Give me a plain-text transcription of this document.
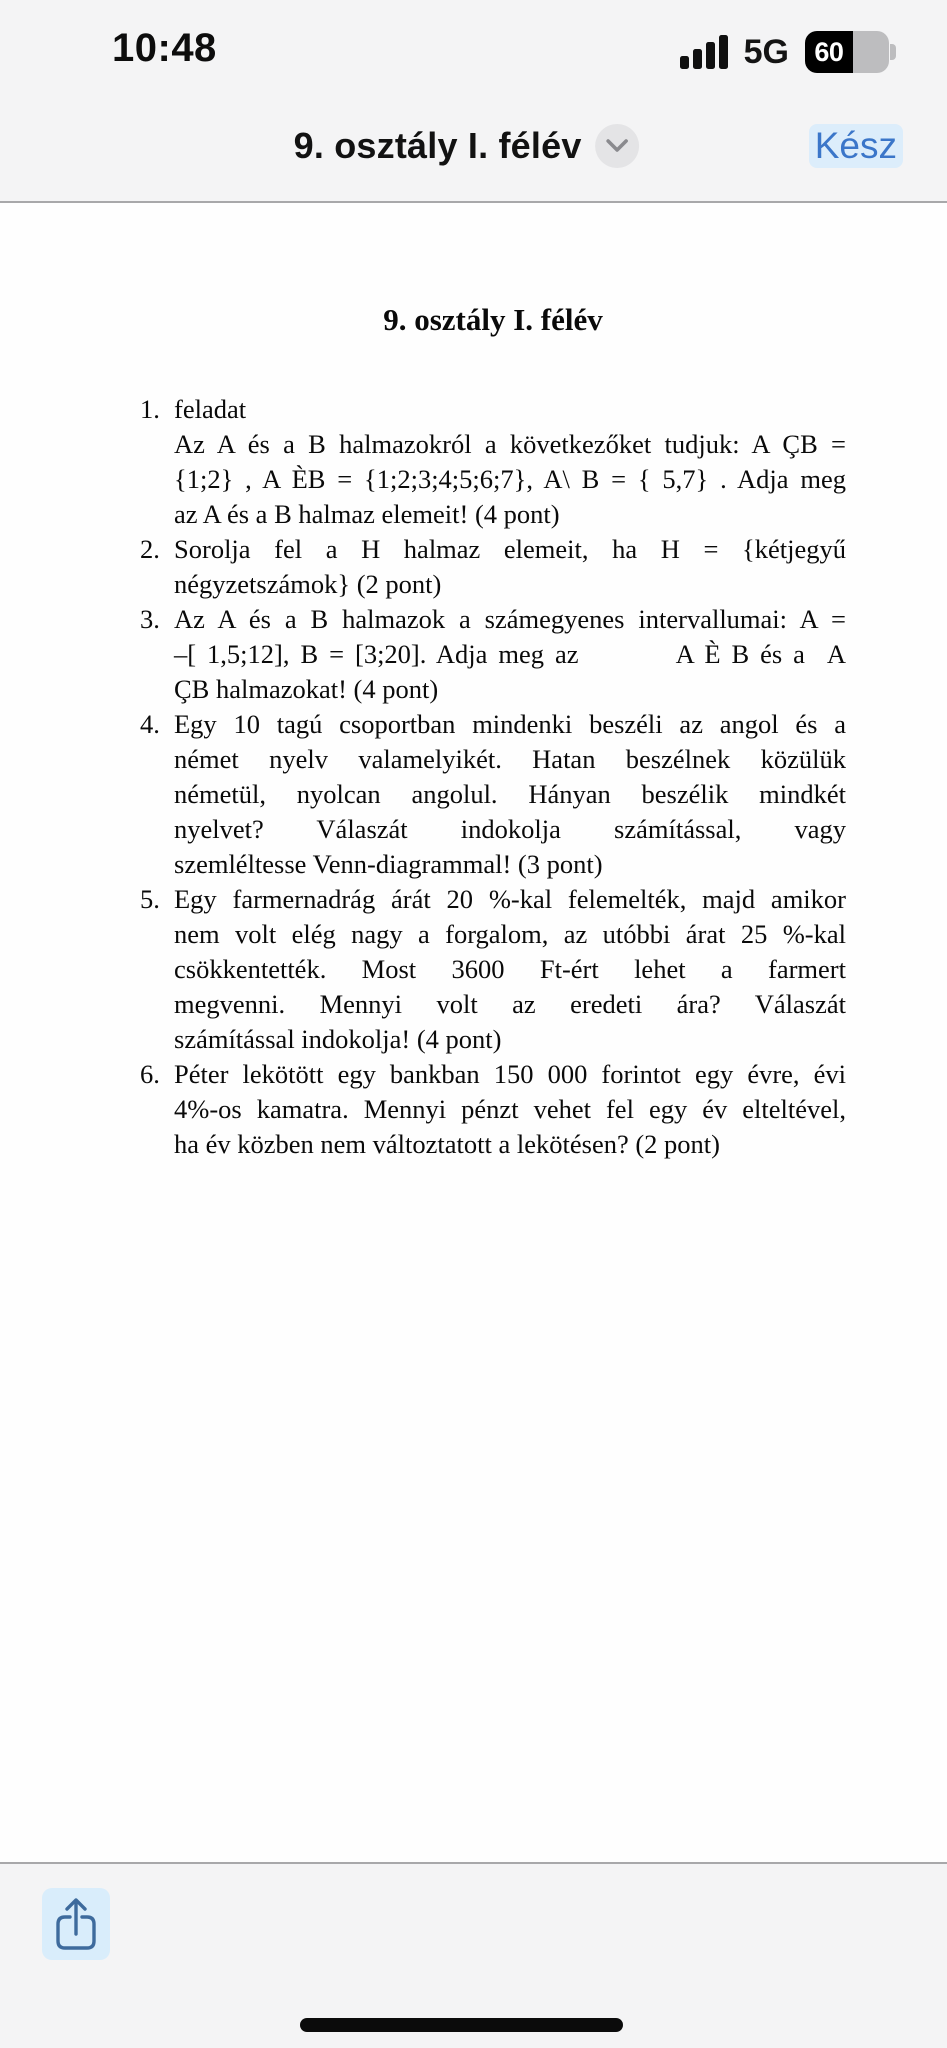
10:48	5G 60
9. osztály I. félév	Kész
9. osztály I. félév
1. feladat
Az A és a B halmazokról a következőket tudjuk: A ÇB =
{1;2} , A ÈB = {1;2;3;4;5;6;7}, A\ B = { 5,7} . Adja meg
az A és a B halmaz elemeit! (4 pont)
2. Sorolja fel a H halmaz elemeit, ha H = {kétjegyű
négyzetszámok} (2 pont)
3. Az A és a B halmazok a számegyenes intervallumai: A =
–[ 1,5;12], B = [3;20]. Adja meg az         A È B és a  A
ÇB halmazokat! (4 pont)
4. Egy 10 tagú csoportban mindenki beszéli az angol és a
német nyelv valamelyikét. Hatan beszélnek közülük
németül, nyolcan angolul. Hányan beszélik mindkét
nyelvet? Válaszát indokolja számítással, vagy
szemléltesse Venn-diagrammal! (3 pont)
5. Egy farmernadrág árát 20 %-kal felemelték, majd amikor
nem volt elég nagy a forgalom, az utóbbi árat 25 %-kal
csökkentették. Most 3600 Ft-ért lehet a farmert
megvenni. Mennyi volt az eredeti ára? Válaszát
számítással indokolja! (4 pont)
6. Péter lekötött egy bankban 150 000 forintot egy évre, évi
4%-os kamatra. Mennyi pénzt vehet fel egy év elteltével,
ha év közben nem változtatott a lekötésen? (2 pont)
